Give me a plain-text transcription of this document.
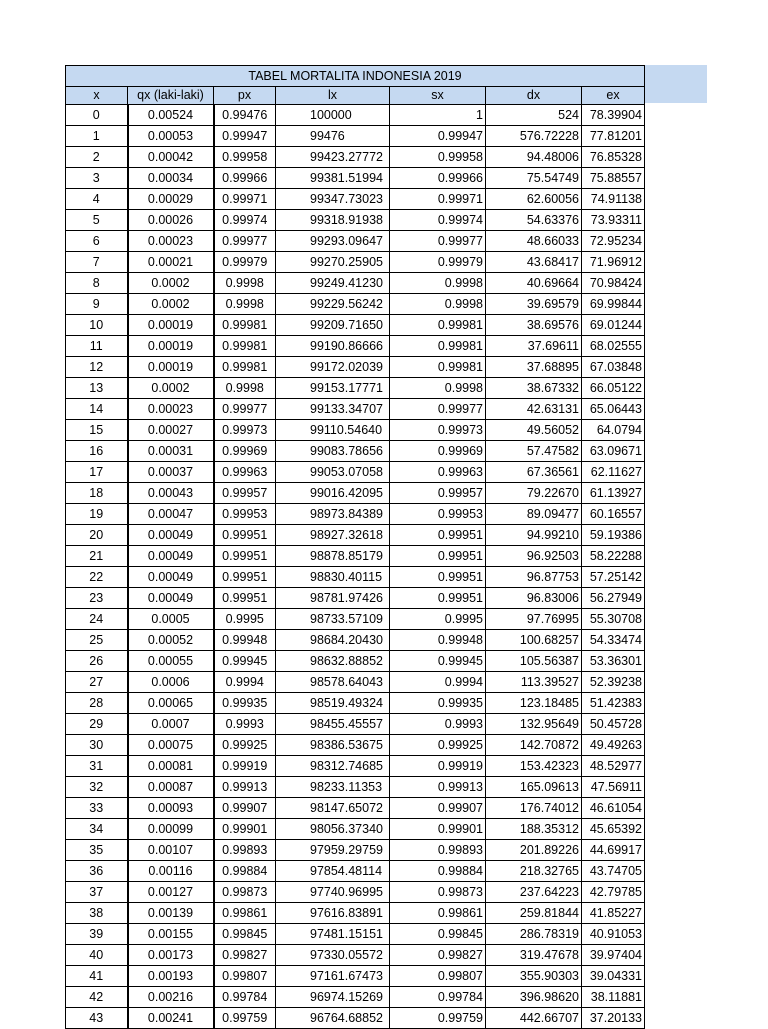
TABEL MORTALITA INDONESIA 2019						
x	qx (laki-laki)	px	lx	sx	dx	ex
0	0.00524	0.99476	100000	1	524	78.39904
1	0.00053	0.99947	99476	0.99947	576.72228	77.81201
2	0.00042	0.99958	99423.27772	0.99958	94.48006	76.85328
3	0.00034	0.99966	99381.51994	0.99966	75.54749	75.88557
4	0.00029	0.99971	99347.73023	0.99971	62.60056	74.91138
5	0.00026	0.99974	99318.91938	0.99974	54.63376	73.93311
6	0.00023	0.99977	99293.09647	0.99977	48.66033	72.95234
7	0.00021	0.99979	99270.25905	0.99979	43.68417	71.96912
8	0.0002	0.9998	99249.41230	0.9998	40.69664	70.98424
9	0.0002	0.9998	99229.56242	0.9998	39.69579	69.99844
10	0.00019	0.99981	99209.71650	0.99981	38.69576	69.01244
11	0.00019	0.99981	99190.86666	0.99981	37.69611	68.02555
12	0.00019	0.99981	99172.02039	0.99981	37.68895	67.03848
13	0.0002	0.9998	99153.17771	0.9998	38.67332	66.05122
14	0.00023	0.99977	99133.34707	0.99977	42.63131	65.06443
15	0.00027	0.99973	99110.54640	0.99973	49.56052	64.0794
16	0.00031	0.99969	99083.78656	0.99969	57.47582	63.09671
17	0.00037	0.99963	99053.07058	0.99963	67.36561	62.11627
18	0.00043	0.99957	99016.42095	0.99957	79.22670	61.13927
19	0.00047	0.99953	98973.84389	0.99953	89.09477	60.16557
20	0.00049	0.99951	98927.32618	0.99951	94.99210	59.19386
21	0.00049	0.99951	98878.85179	0.99951	96.92503	58.22288
22	0.00049	0.99951	98830.40115	0.99951	96.87753	57.25142
23	0.00049	0.99951	98781.97426	0.99951	96.83006	56.27949
24	0.0005	0.9995	98733.57109	0.9995	97.76995	55.30708
25	0.00052	0.99948	98684.20430	0.99948	100.68257	54.33474
26	0.00055	0.99945	98632.88852	0.99945	105.56387	53.36301
27	0.0006	0.9994	98578.64043	0.9994	113.39527	52.39238
28	0.00065	0.99935	98519.49324	0.99935	123.18485	51.42383
29	0.0007	0.9993	98455.45557	0.9993	132.95649	50.45728
30	0.00075	0.99925	98386.53675	0.99925	142.70872	49.49263
31	0.00081	0.99919	98312.74685	0.99919	153.42323	48.52977
32	0.00087	0.99913	98233.11353	0.99913	165.09613	47.56911
33	0.00093	0.99907	98147.65072	0.99907	176.74012	46.61054
34	0.00099	0.99901	98056.37340	0.99901	188.35312	45.65392
35	0.00107	0.99893	97959.29759	0.99893	201.89226	44.69917
36	0.00116	0.99884	97854.48114	0.99884	218.32765	43.74705
37	0.00127	0.99873	97740.96995	0.99873	237.64223	42.79785
38	0.00139	0.99861	97616.83891	0.99861	259.81844	41.85227
39	0.00155	0.99845	97481.15151	0.99845	286.78319	40.91053
40	0.00173	0.99827	97330.05572	0.99827	319.47678	39.97404
41	0.00193	0.99807	97161.67473	0.99807	355.90303	39.04331
42	0.00216	0.99784	96974.15269	0.99784	396.98620	38.11881
43	0.00241	0.99759	96764.68852	0.99759	442.66707	37.20133
